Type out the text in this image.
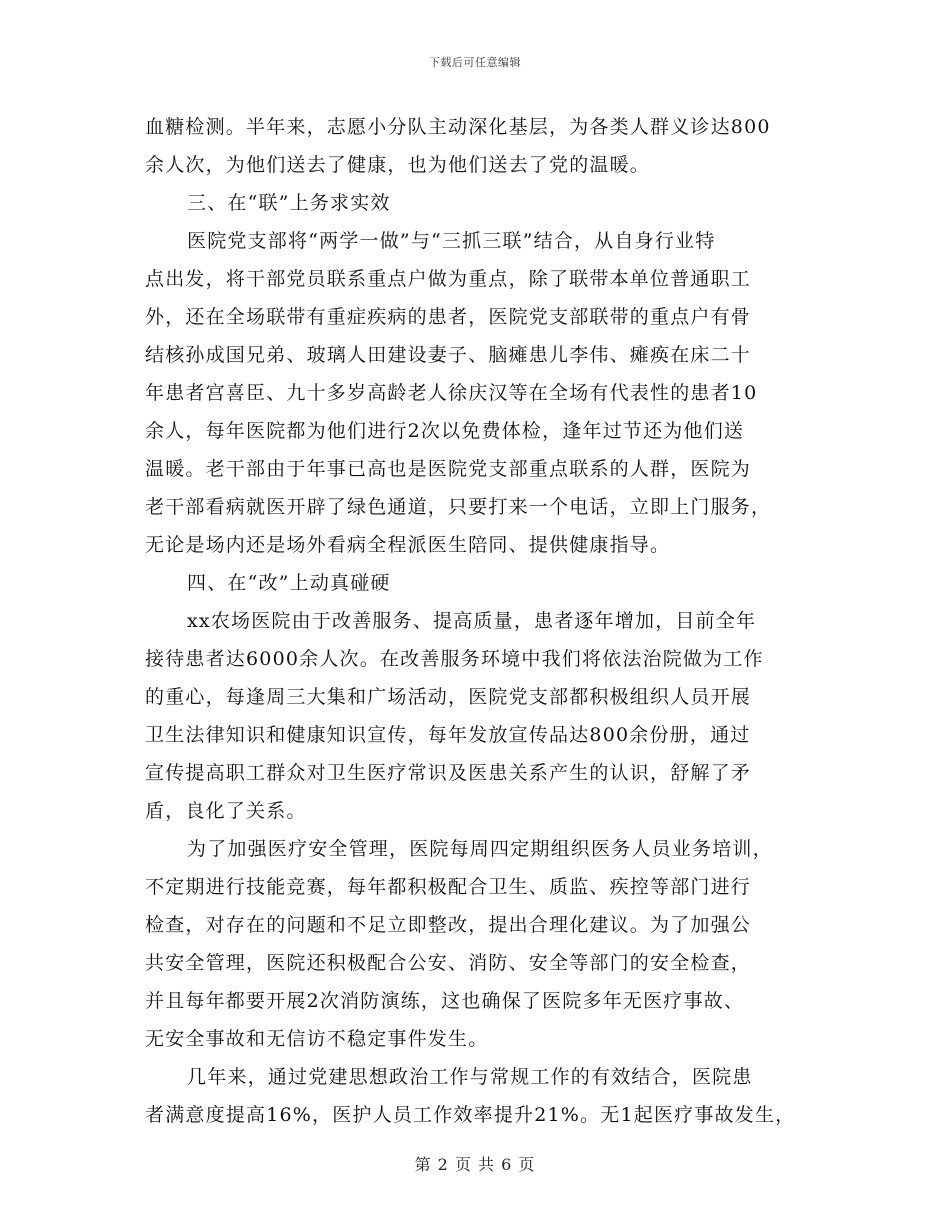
下载后可任意编辑
血糖检测。半年来，志愿小分队主动深化基层，为各类人群义诊达800
余人次，为他们送去了健康，也为他们送去了党的温暖。
三、在“联”上务求实效
医院党支部将“两学一做”与“三抓三联”结合，从自身行业特
点出发，将干部党员联系重点户做为重点，除了联带本单位普通职工
外，还在全场联带有重症疾病的患者，医院党支部联带的重点户有骨
结核孙成国兄弟、玻璃人田建设妻子、脑瘫患儿李伟、瘫痪在床二十
年患者宫喜臣、九十多岁高龄老人徐庆汉等在全场有代表性的患者10
余人，每年医院都为他们进行2次以免费体检，逢年过节还为他们送
温暖。老干部由于年事已高也是医院党支部重点联系的人群，医院为
老干部看病就医开辟了绿色通道，只要打来一个电话，立即上门服务，
无论是场内还是场外看病全程派医生陪同、提供健康指导。
四、在“改”上动真碰硬
xx农场医院由于改善服务、提高质量，患者逐年增加，目前全年
接待患者达6000余人次。在改善服务环境中我们将依法治院做为工作
的重心，每逢周三大集和广场活动，医院党支部都积极组织人员开展
卫生法律知识和健康知识宣传，每年发放宣传品达800余份册，通过
宣传提高职工群众对卫生医疗常识及医患关系产生的认识，舒解了矛
盾，良化了关系。
为了加强医疗安全管理，医院每周四定期组织医务人员业务培训，
不定期进行技能竞赛，每年都积极配合卫生、质监、疾控等部门进行
检查，对存在的问题和不足立即整改，提出合理化建议。为了加强公
共安全管理，医院还积极配合公安、消防、安全等部门的安全检查，
并且每年都要开展2次消防演练，这也确保了医院多年无医疗事故、
无安全事故和无信访不稳定事件发生。
几年来，通过党建思想政治工作与常规工作的有效结合，医院患
者满意度提高16%，医护人员工作效率提升21%。无1起医疗事故发生，
第 2 页 共 6 页
